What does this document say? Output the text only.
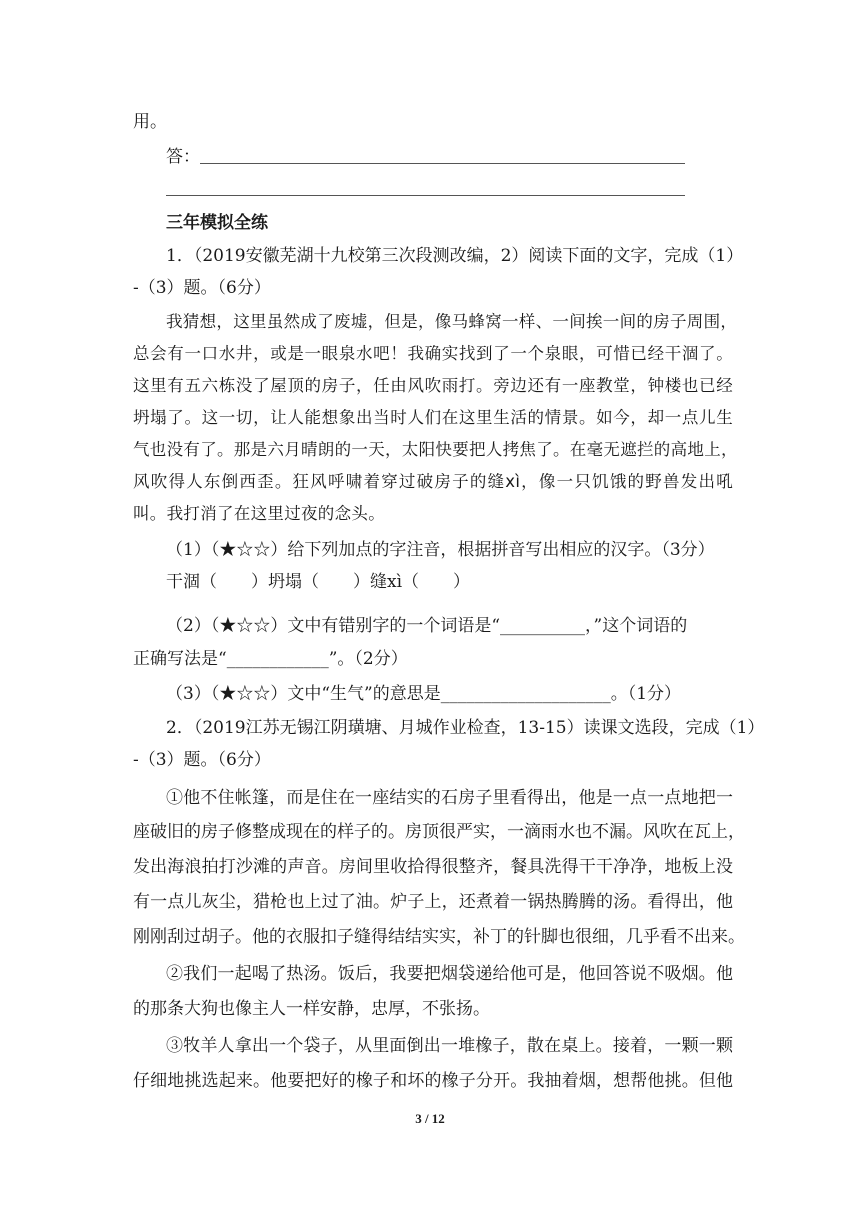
用。
答：
三年模拟全练
1．（2019安徽芜湖十九校第三次段测改编，2）阅读下面的文字，完成（1）
-（3）题。（6分）
我猜想，这里虽然成了废墟，但是，像马蜂窝一样、一间挨一间的房子周围，
总会有一口水井，或是一眼泉水吧！我确实找到了一个泉眼，可惜已经干涸了。
这里有五六栋没了屋顶的房子，任由风吹雨打。旁边还有一座教堂，钟楼也已经
坍塌了。这一切，让人能想象出当时人们在这里生活的情景。如今，却一点儿生
气也没有了。那是六月晴朗的一天，太阳快要把人拷焦了。在毫无遮拦的高地上，
风吹得人东倒西歪。狂风呼啸着穿过破房子的缝xì，像一只饥饿的野兽发出吼
叫。我打消了在这里过夜的念头。
（1）（★☆☆）给下列加点的字注音，根据拼音写出相应的汉字。（3分）
干涸（　　）坍塌（　　）缝xì（　　）
（2）（★☆☆）文中有错别字的一个词语是“__________，”这个词语的
正确写法是“____________”。（2分）
（3）（★☆☆）文中“生气”的意思是____________________。（1分）
2．（2019江苏无锡江阴璜塘、月城作业检查，13-15）读课文选段，完成（1）
-（3）题。（6分）
①他不住帐篷，而是住在一座结实的石房子里看得出，他是一点一点地把一
座破旧的房子修整成现在的样子的。房顶很严实，一滴雨水也不漏。风吹在瓦上，
发出海浪拍打沙滩的声音。房间里收拾得很整齐，餐具洗得干干净净，地板上没
有一点儿灰尘，猎枪也上过了油。炉子上，还煮着一锅热腾腾的汤。看得出，他
刚刚刮过胡子。他的衣服扣子缝得结结实实，补丁的针脚也很细，几乎看不出来。
②我们一起喝了热汤。饭后，我要把烟袋递给他可是，他回答说不吸烟。他
的那条大狗也像主人一样安静，忠厚，不张扬。
③牧羊人拿出一个袋子，从里面倒出一堆橡子，散在桌上。接着，一颗一颗
仔细地挑选起来。他要把好的橡子和坏的橡子分开。我抽着烟，想帮他挑。但他
3 / 12
